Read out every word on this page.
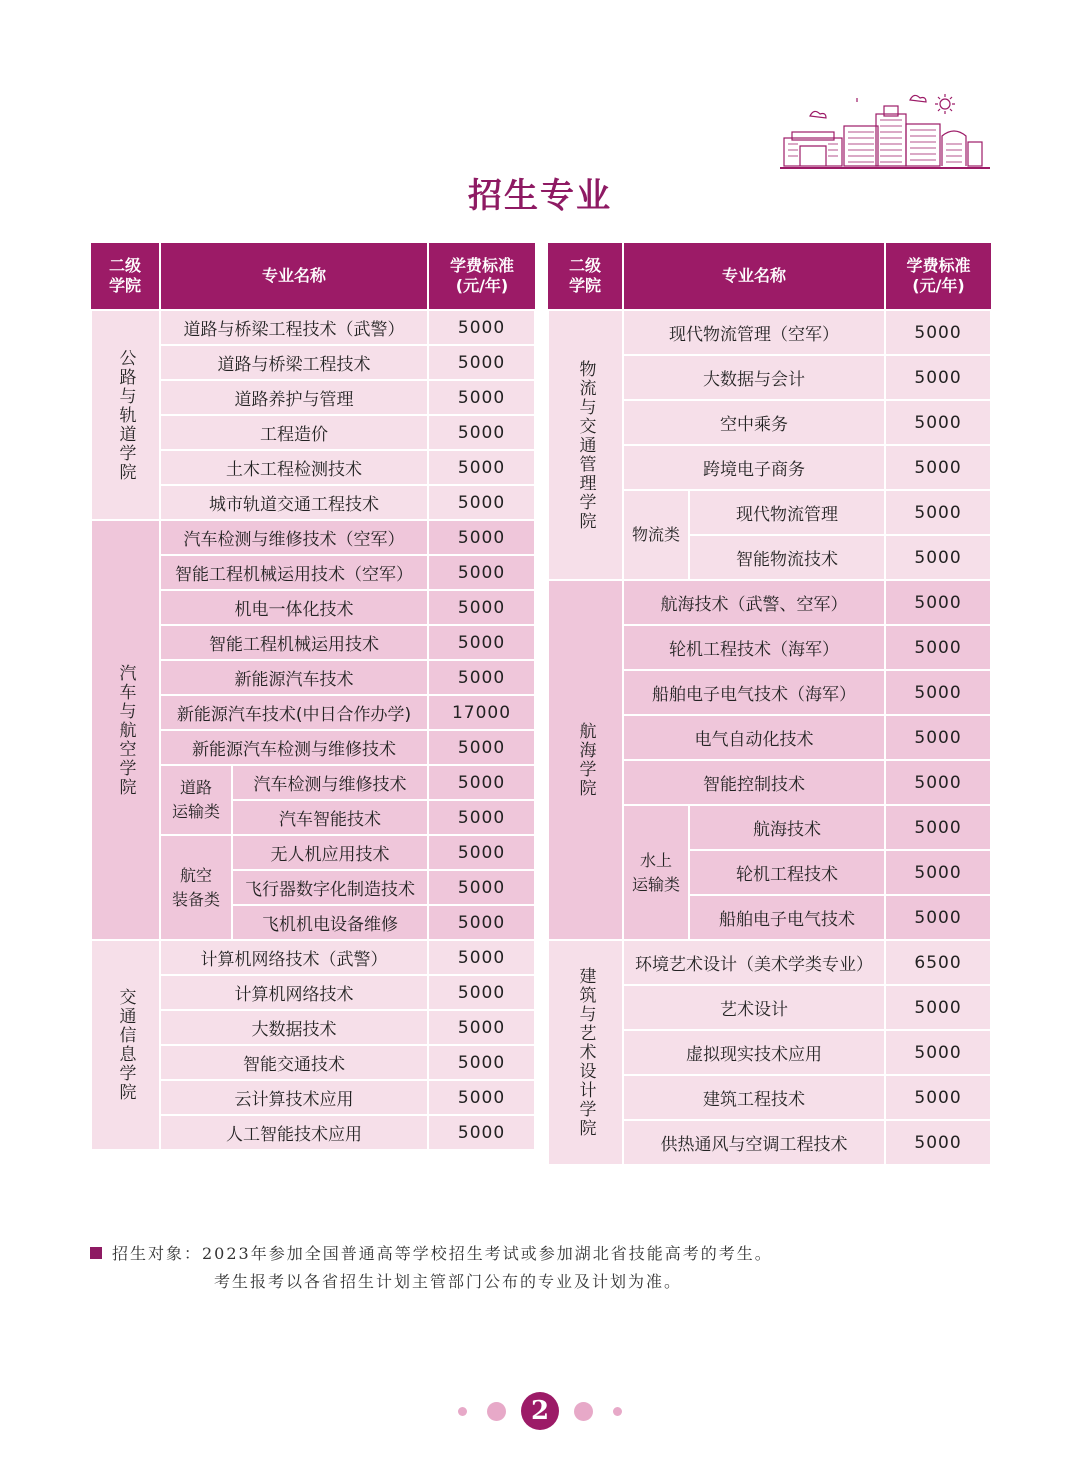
招生专业
二级
学院	专业名称		学费标准
(元/年)
公路与轨道学院	道路与桥梁工程技术（武警）		5000
	道路与桥梁工程技术		5000
	道路养护与管理		5000
	工程造价		5000
	土木工程检测技术		5000
	城市轨道交通工程技术		5000
汽车与航空学院	汽车检测与维修技术（空军）		5000
	智能工程机械运用技术（空军）		5000
	机电一体化技术		5000
	智能工程机械运用技术		5000
	新能源汽车技术		5000
	新能源汽车技术(中日合作办学)		17000
	新能源汽车检测与维修技术		5000
	道路
运输类	汽车检测与维修技术	5000
		汽车智能技术	5000
	航空
装备类	无人机应用技术	5000
		飞行器数字化制造技术	5000
		飞机机电设备维修	5000
交通信息学院	计算机网络技术（武警）		5000
	计算机网络技术		5000
	大数据技术		5000
	智能交通技术		5000
	云计算技术应用		5000
	人工智能技术应用		5000
二级
学院	专业名称		学费标准
(元/年)
物流与交通管理学院	现代物流管理（空军）		5000
	大数据与会计		5000
	空中乘务		5000
	跨境电子商务		5000
	物流类	现代物流管理	5000
		智能物流技术	5000
航海学院	航海技术（武警、空军）		5000
	轮机工程技术（海军）		5000
	船舶电子电气技术（海军）		5000
	电气自动化技术		5000
	智能控制技术		5000
	水上
运输类	航海技术	5000
		轮机工程技术	5000
		船舶电子电气技术	5000
建筑与艺术设计学院	环境艺术设计（美术学类专业）		6500
	艺术设计		5000
	虚拟现实技术应用		5000
	建筑工程技术		5000
	供热通风与空调工程技术		5000
招生对象：2023年参加全国普通高等学校招生考试或参加湖北省技能高考的考生。
考生报考以各省招生计划主管部门公布的专业及计划为准。
2
